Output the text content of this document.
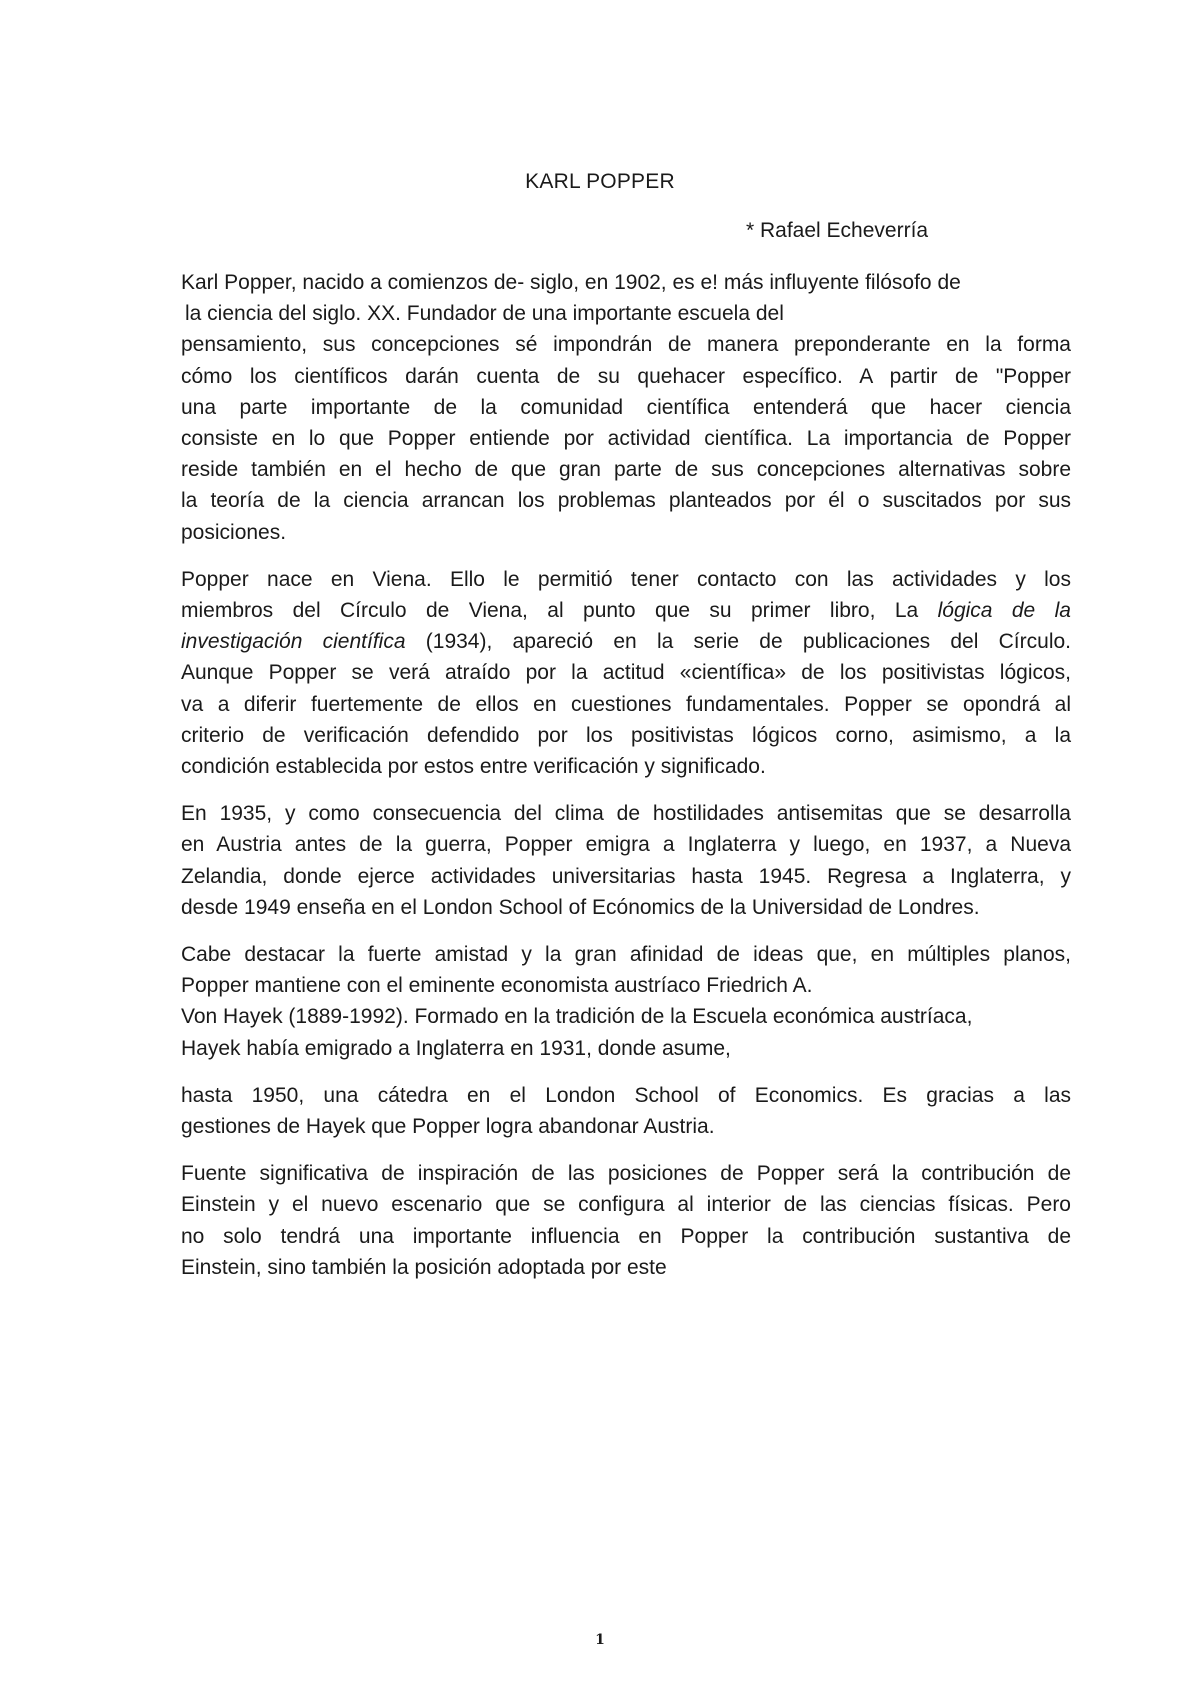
KARL POPPER
* Rafael Echeverría

Karl Popper, nacido a comienzos de- siglo, en 1902, es e! más influyente filósofo de
la ciencia del siglo. XX. Fundador de una importante escuela del
pensamiento, sus concepciones sé impondrán de manera preponderante en la forma
cómo los científicos darán cuenta de su quehacer específico. A partir de "Popper
una parte importante de la comunidad científica entenderá que hacer ciencia
consiste en lo que Popper entiende por actividad científica. La importancia de Popper
reside también en el hecho de que gran parte de sus concepciones alternativas sobre
la teoría de la ciencia arrancan los problemas planteados por él o suscitados por sus
posiciones.

Popper nace en Viena. Ello le permitió tener contacto con las actividades y los
miembros del Círculo de Viena, al punto que su primer libro, La lógica de la
investigación científica (1934), apareció en la serie de publicaciones del Círculo.
Aunque Popper se verá atraído por la actitud «científica» de los positivistas lógicos,
va a diferir fuertemente de ellos en cuestiones fundamentales. Popper se opondrá al
criterio de verificación defendido por los positivistas lógicos corno, asimismo, a la
condición establecida por estos entre verificación y significado.

En 1935, y como consecuencia del clima de hostilidades antisemitas que se desarrolla
en Austria antes de la guerra, Popper emigra a Inglaterra y luego, en 1937, a Nueva
Zelandia, donde ejerce actividades universitarias hasta 1945. Regresa a Inglaterra, y
desde 1949 enseña en el London School of Ecónomics de la Universidad de Londres.

Cabe destacar la fuerte amistad y la gran afinidad de ideas que, en múltiples planos,
Popper mantiene con el eminente economista austríaco Friedrich A.
Von Hayek (1889-1992). Formado en la tradición de la Escuela económica austríaca,
Hayek había emigrado a Inglaterra en 1931, donde asume,

hasta 1950, una cátedra en el London School of Economics. Es gracias a las
gestiones de Hayek que Popper logra abandonar Austria.

Fuente significativa de inspiración de las posiciones de Popper será la contribución de
Einstein y el nuevo escenario que se configura al interior de las ciencias físicas. Pero
no solo tendrá una importante influencia en Popper la contribución sustantiva de
Einstein, sino también la posición adoptada por este

1
